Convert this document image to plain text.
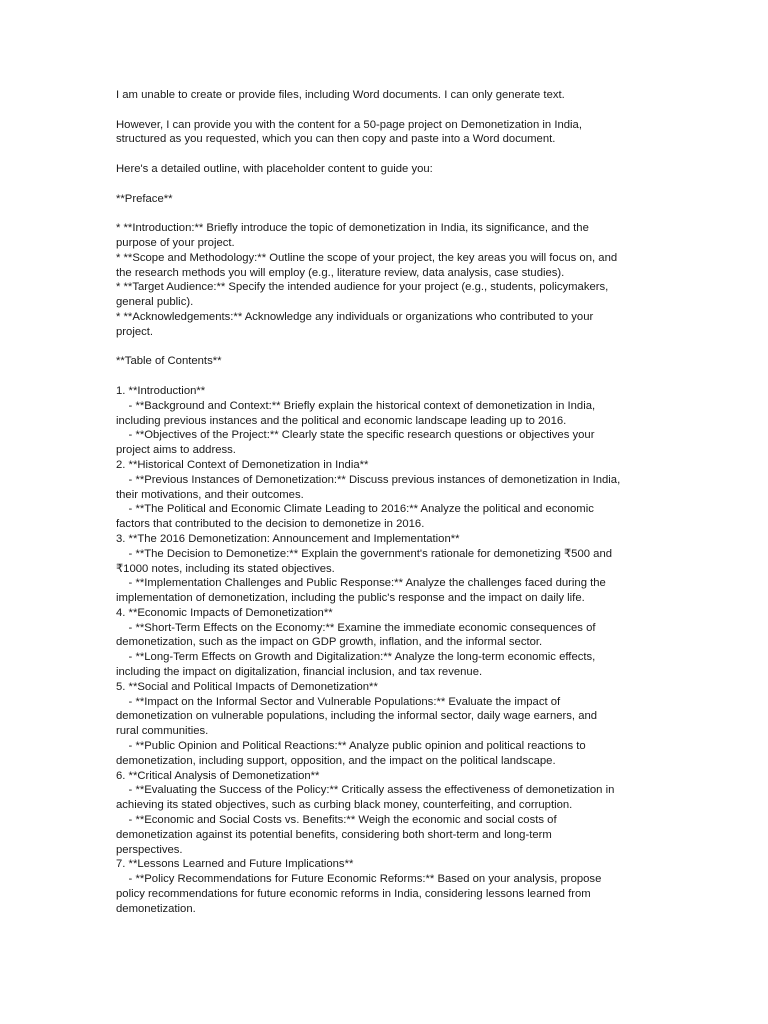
I am unable to create or provide files, including Word documents. I can only generate text.
However, I can provide you with the content for a 50-page project on Demonetization in India,
structured as you requested, which you can then copy and paste into a Word document.
Here's a detailed outline, with placeholder content to guide you:
**Preface**
* **Introduction:** Briefly introduce the topic of demonetization in India, its significance, and the
purpose of your project.
* **Scope and Methodology:** Outline the scope of your project, the key areas you will focus on, and
the research methods you will employ (e.g., literature review, data analysis, case studies).
* **Target Audience:** Specify the intended audience for your project (e.g., students, policymakers,
general public).
* **Acknowledgements:** Acknowledge any individuals or organizations who contributed to your
project.
**Table of Contents**
1. **Introduction**
- **Background and Context:** Briefly explain the historical context of demonetization in India,
including previous instances and the political and economic landscape leading up to 2016.
- **Objectives of the Project:** Clearly state the specific research questions or objectives your
project aims to address.
2. **Historical Context of Demonetization in India**
- **Previous Instances of Demonetization:** Discuss previous instances of demonetization in India,
their motivations, and their outcomes.
- **The Political and Economic Climate Leading to 2016:** Analyze the political and economic
factors that contributed to the decision to demonetize in 2016.
3. **The 2016 Demonetization: Announcement and Implementation**
- **The Decision to Demonetize:** Explain the government's rationale for demonetizing ₹500 and
₹1000 notes, including its stated objectives.
- **Implementation Challenges and Public Response:** Analyze the challenges faced during the
implementation of demonetization, including the public's response and the impact on daily life.
4. **Economic Impacts of Demonetization**
- **Short-Term Effects on the Economy:** Examine the immediate economic consequences of
demonetization, such as the impact on GDP growth, inflation, and the informal sector.
- **Long-Term Effects on Growth and Digitalization:** Analyze the long-term economic effects,
including the impact on digitalization, financial inclusion, and tax revenue.
5. **Social and Political Impacts of Demonetization**
- **Impact on the Informal Sector and Vulnerable Populations:** Evaluate the impact of
demonetization on vulnerable populations, including the informal sector, daily wage earners, and
rural communities.
- **Public Opinion and Political Reactions:** Analyze public opinion and political reactions to
demonetization, including support, opposition, and the impact on the political landscape.
6. **Critical Analysis of Demonetization**
- **Evaluating the Success of the Policy:** Critically assess the effectiveness of demonetization in
achieving its stated objectives, such as curbing black money, counterfeiting, and corruption.
- **Economic and Social Costs vs. Benefits:** Weigh the economic and social costs of
demonetization against its potential benefits, considering both short-term and long-term
perspectives.
7. **Lessons Learned and Future Implications**
- **Policy Recommendations for Future Economic Reforms:** Based on your analysis, propose
policy recommendations for future economic reforms in India, considering lessons learned from
demonetization.
